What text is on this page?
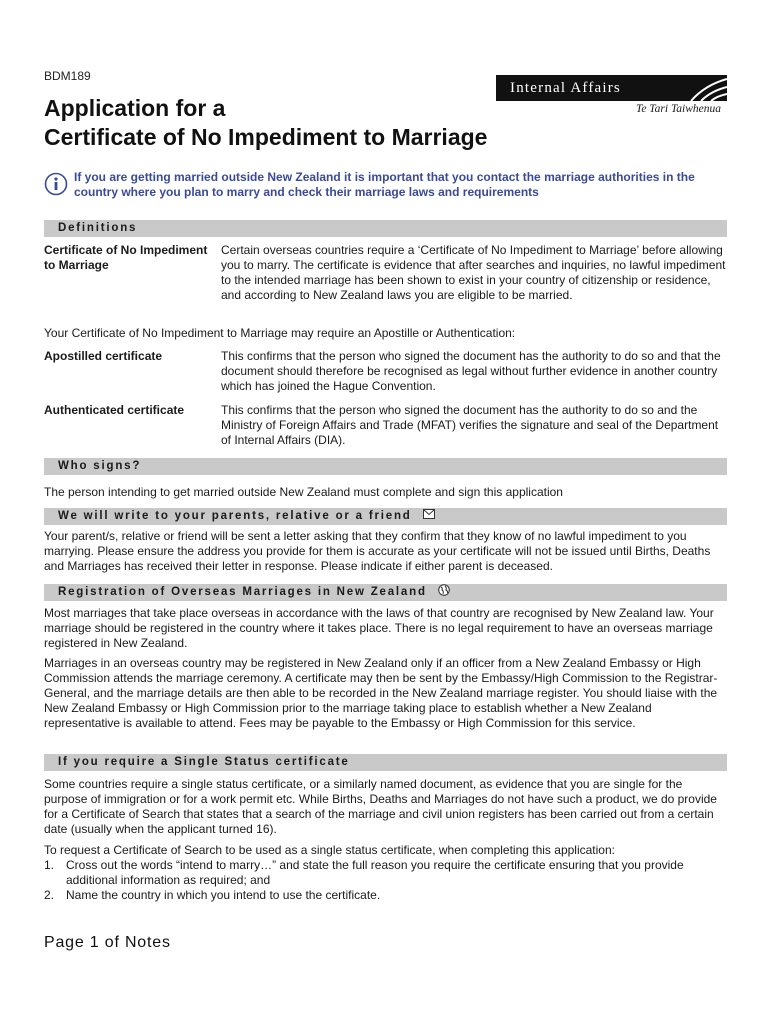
BDM189
Application for a
Certificate of No Impediment to Marriage
Internal Affairs
Te Tari Taiwhenua
If you are getting married outside New Zealand it is important that you contact the marriage authorities in the country where you plan to marry and check their marriage laws and requirements
Definitions
Certificate of No Impediment to Marriage
Certain overseas countries require a ‘Certificate of No Impediment to Marriage’ before allowing you to marry. The certificate is evidence that after searches and inquiries, no lawful impediment to the intended marriage has been shown to exist in your country of citizenship or residence, and according to New Zealand laws you are eligible to be married.

Your Certificate of No Impediment to Marriage may require an Apostille or Authentication:

Apostilled certificate	This confirms that the person who signed the document has the authority to do so and that the document should therefore be recognised as legal without further evidence in another country which has joined the Hague Convention.
Authenticated certificate	This confirms that the person who signed the document has the authority to do so and the Ministry of Foreign Affairs and Trade (MFAT) verifies the signature and seal of the Department of Internal Affairs (DIA).
Who signs?

The person intending to get married outside New Zealand must complete and sign this application

We will write to your parents, relative or a friend

Your parent/s, relative or friend will be sent a letter asking that they confirm that they know of no lawful impediment to you marrying. Please ensure the address you provide for them is accurate as your certificate will not be issued until Births, Deaths and Marriages has received their letter in response. Please indicate if either parent is deceased.

Registration of Overseas Marriages in New Zealand

Most marriages that take place overseas in accordance with the laws of that country are recognised by New Zealand law. Your marriage should be registered in the country where it takes place. There is no legal requirement to have an overseas marriage registered in New Zealand.

Marriages in an overseas country may be registered in New Zealand only if an officer from a New Zealand Embassy or High Commission attends the marriage ceremony. A certificate may then be sent by the Embassy/High Commission to the Registrar-General, and the marriage details are then able to be recorded in the New Zealand marriage register. You should liaise with the New Zealand Embassy or High Commission prior to the marriage taking place to establish whether a New Zealand representative is available to attend. Fees may be payable to the Embassy or High Commission for this service.

If you require a Single Status certificate

Some countries require a single status certificate, or a similarly named document, as evidence that you are single for the purpose of immigration or for a work permit etc. While Births, Deaths and Marriages do not have such a product, we do provide for a Certificate of Search that states that a search of the marriage and civil union registers has been carried out from a certain date (usually when the applicant turned 16).

To request a Certificate of Search to be used as a single status certificate, when completing this application:

1. Cross out the words “intend to marry…” and state the full reason you require the certificate ensuring that you provide additional information as required; and
2. Name the country in which you intend to use the certificate.
Page 1 of Notes
